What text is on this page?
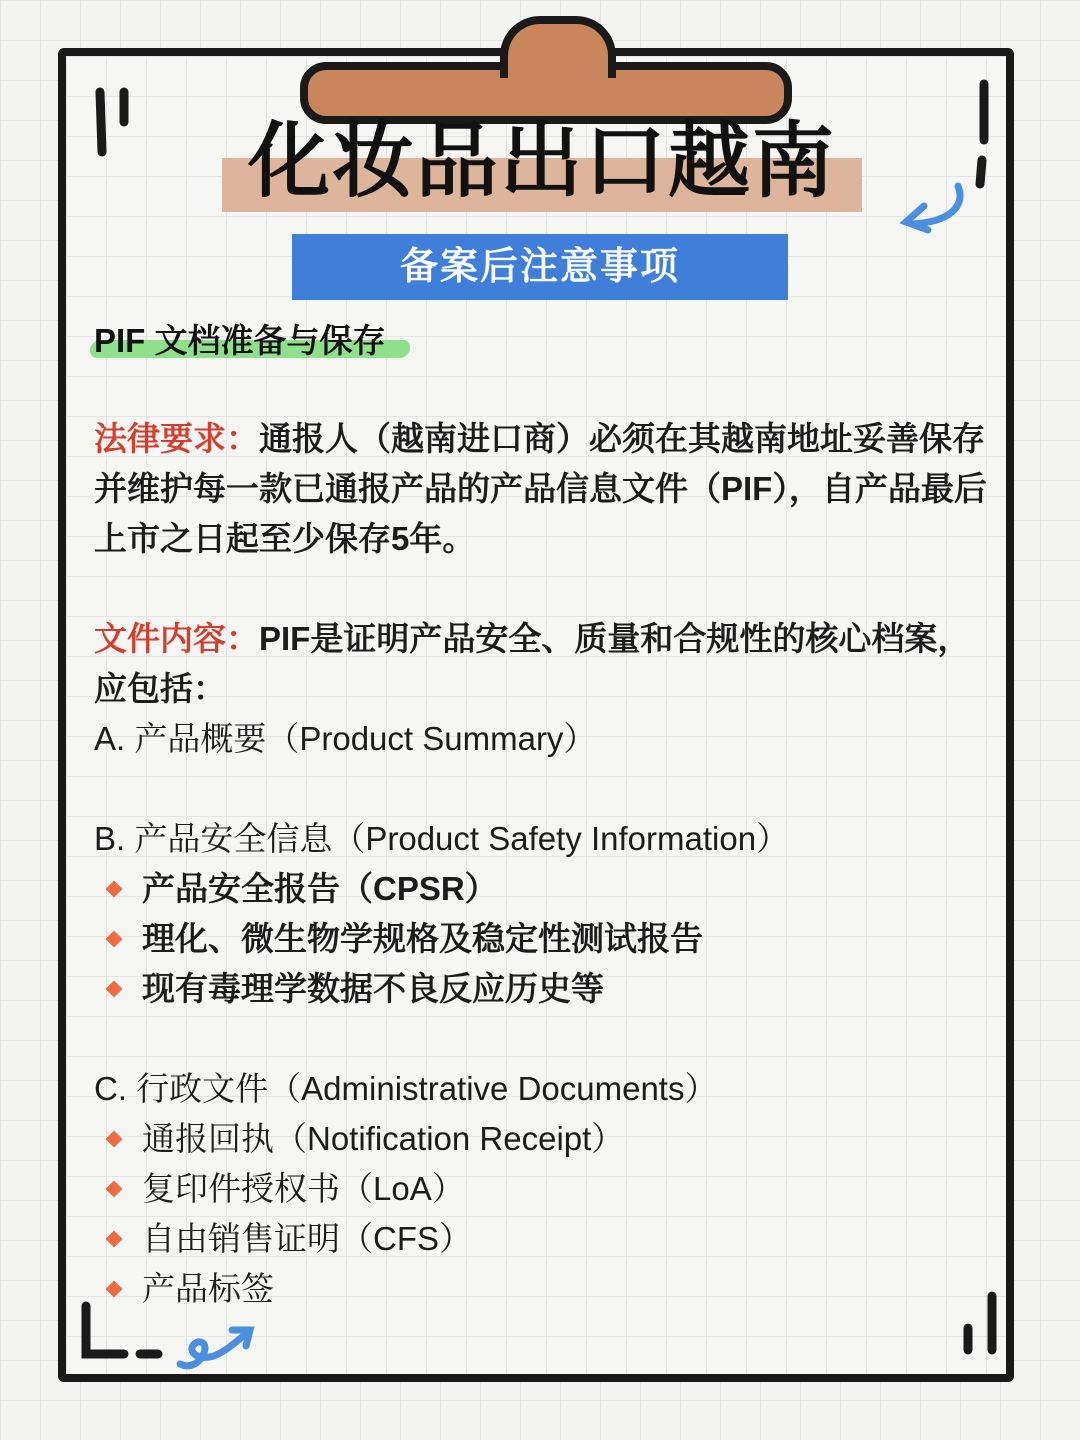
化妆品出口越南
备案后注意事项
PIF 文档准备与保存

法律要求：通报人（越南进口商）必须在其越南地址妥善保存并维护每一款已通报产品的产品信息文件（PIF），自产品最后上市之日起至少保存5年。

文件内容：PIF是证明产品安全、质量和合规性的核心档案，应包括：

A. 产品概要（Product Summary）
B. 产品安全信息（Product Safety Information）
产品安全报告（CPSR）
理化、微生物学规格及稳定性测试报告
现有毒理学数据不良反应历史等
C. 行政文件（Administrative Documents）
通报回执（Notification Receipt）
复印件授权书（LoA）
自由销售证明（CFS）
产品标签
